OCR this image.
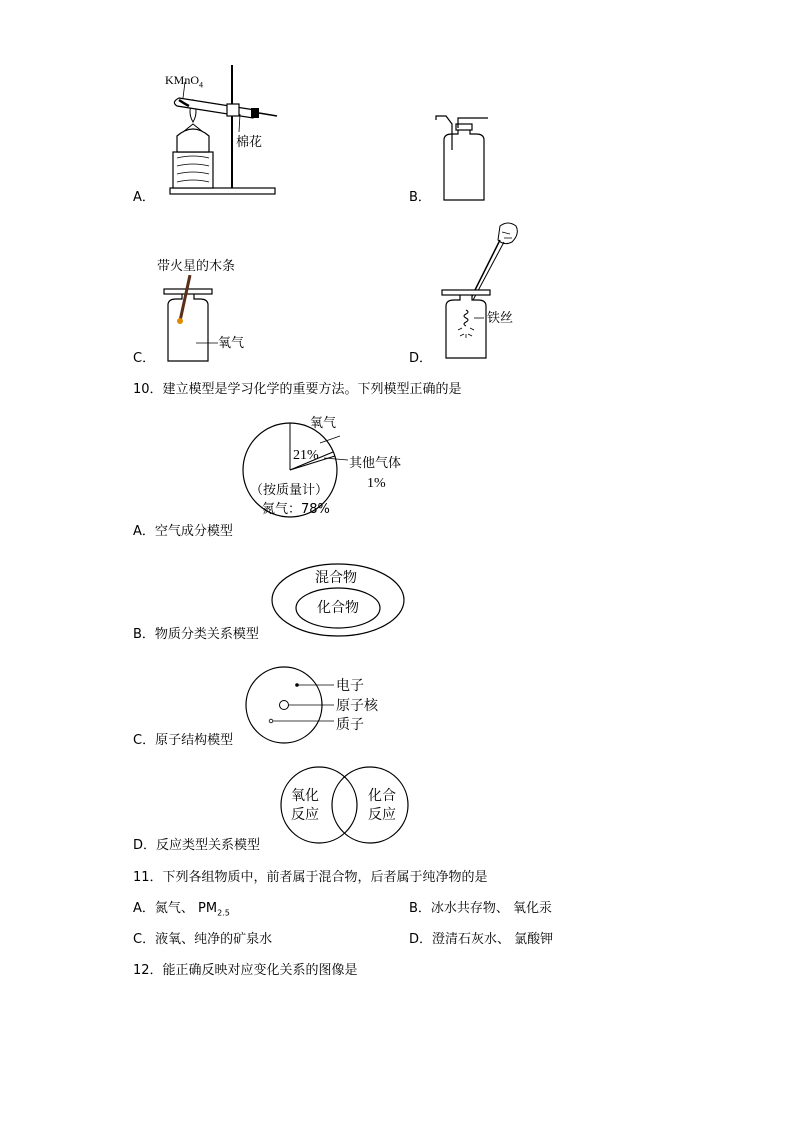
KMnO$_4$
棉花
A．	B．
带火星的木条
氧气
C．
铁丝
D．
10．建立模型是学习化学的重要方法。下列模型正确的是
氧气
21%
其他气体
1%
（按质量计）
氮气：78%
A．空气成分模型
混合物
化合物
B．物质分类关系模型
电子
原子核
质子
C．原子结构模型
氧化
反应
化合
反应
D．反应类型关系模型
11．下列各组物质中，前者属于混合物，后者属于纯净物的是
A．氮气、 $PM_{2.5}$	B．冰水共存物、 氧化汞
C．液氧、纯净的矿泉水	D．澄清石灰水、 氯酸钾
12．能正确反映对应变化关系的图像是
